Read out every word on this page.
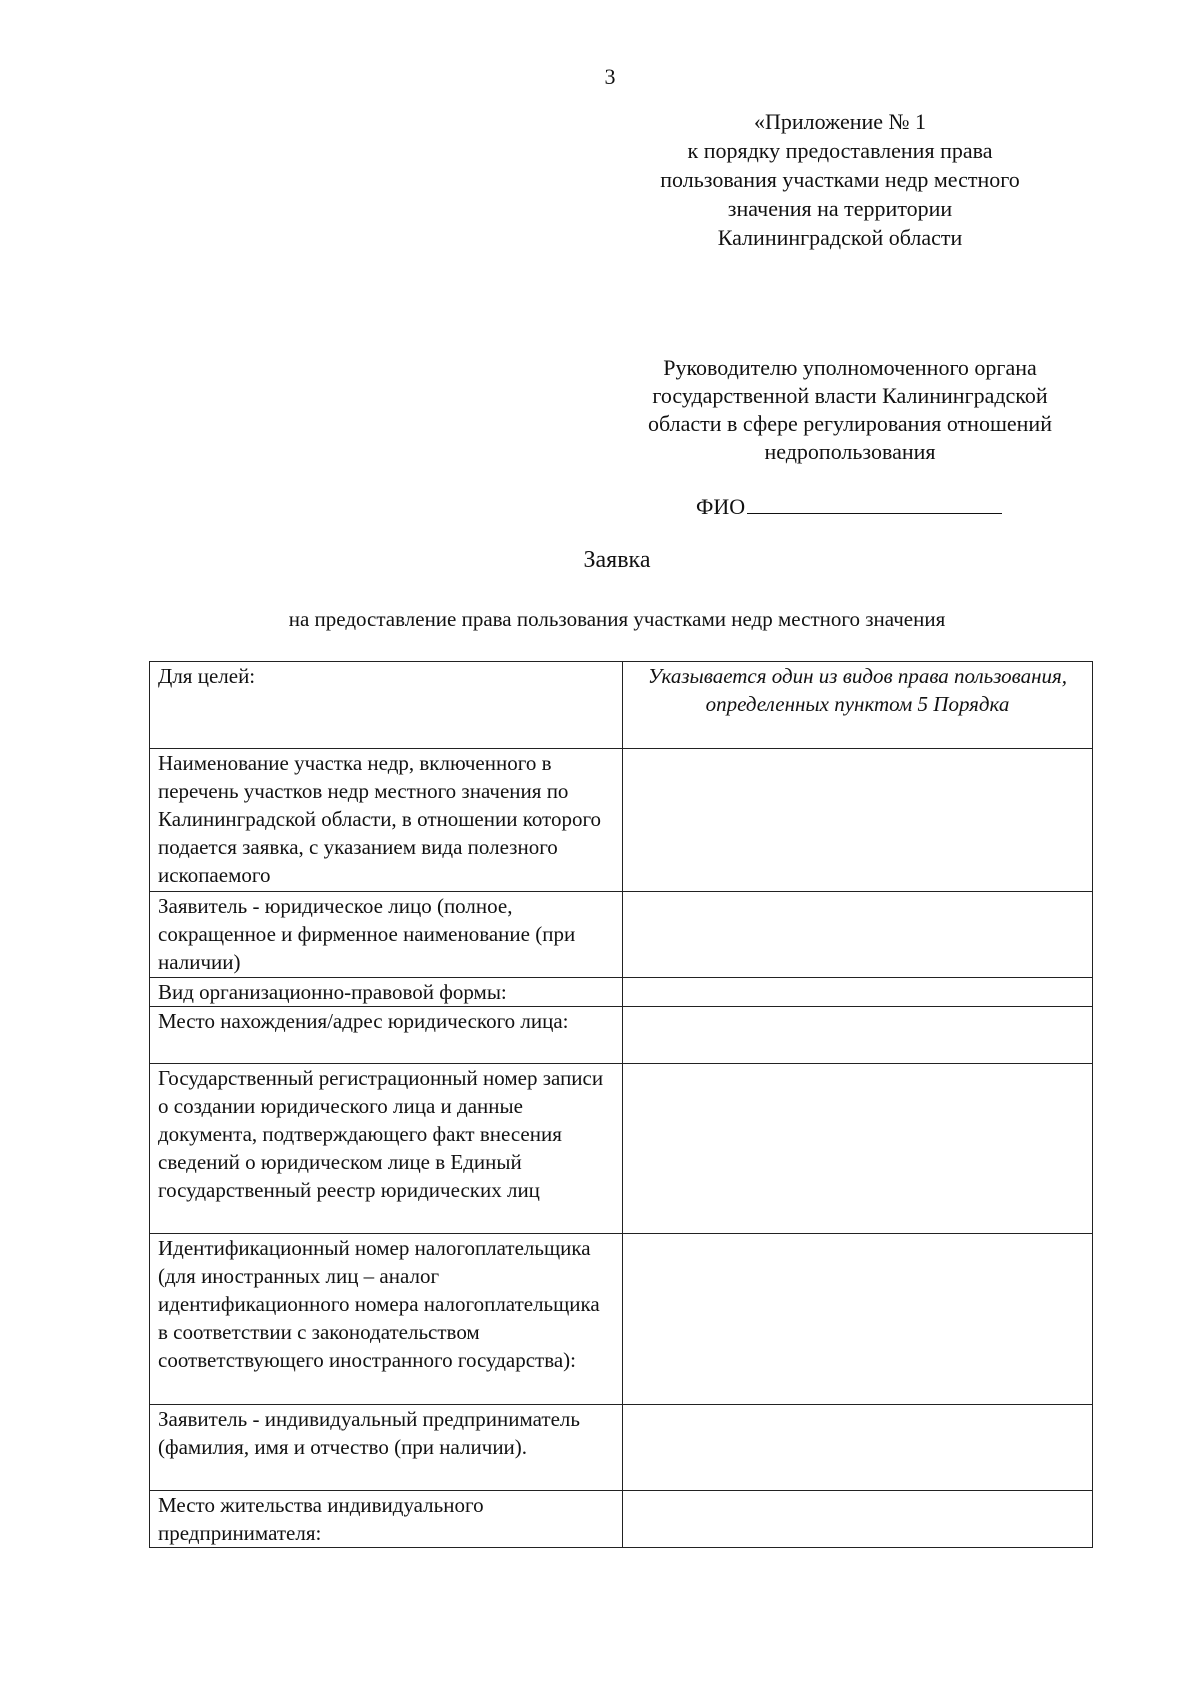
3
«Приложение № 1
к порядку предоставления права
пользования участками недр местного
значения на территории
Калининградской области
Руководителю уполномоченного органа
государственной власти Калининградской
области в сфере регулирования отношений
недропользования
ФИО
Заявка
на предоставление права пользования участками недр местного значения
Для целей:	Указывается один из видов права пользования, определенных пунктом 5 Порядка
Наименование участка недр, включенного в перечень участков недр местного значения по Калининградской области, в отношении которого подается заявка, с указанием вида полезного ископаемого	
Заявитель - юридическое лицо (полное, сокращенное и фирменное наименование (при наличии)	
Вид организационно-правовой формы:	
Место нахождения/адрес юридического лица:	
Государственный регистрационный номер записи о создании юридического лица и данные документа, подтверждающего факт внесения сведений о юридическом лице в Единый государственный реестр юридических лиц	
Идентификационный номер налогоплательщика (для иностранных лиц – аналог идентификационного номера налогоплательщика в соответствии с законодательством соответствующего иностранного государства):	
Заявитель - индивидуальный предприниматель (фамилия, имя и отчество (при наличии).	
Место жительства индивидуального предпринимателя:	
